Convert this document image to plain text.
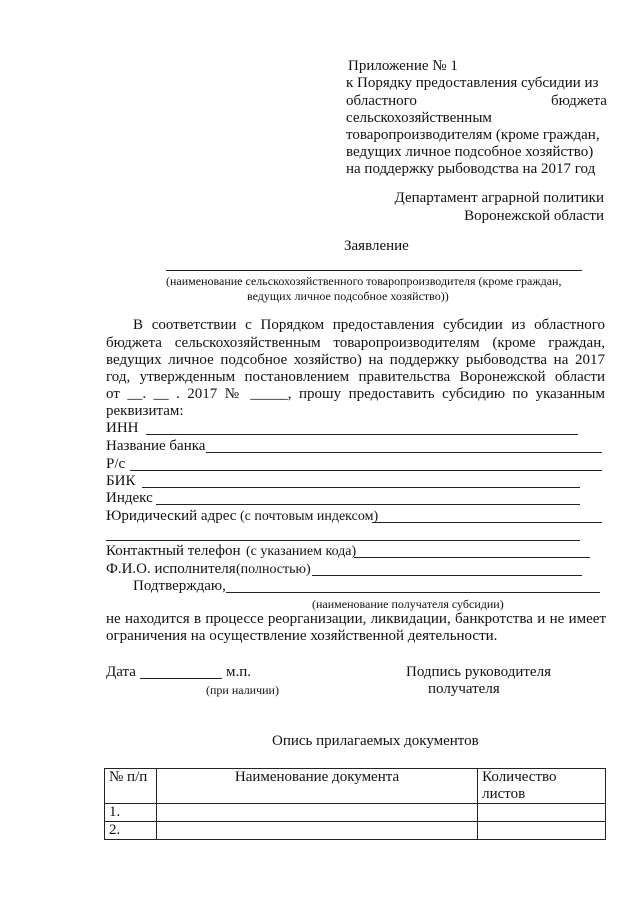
Приложение № 1
к Порядку предоставления субсидии из
областного	бюджета
сельскохозяйственным
товаропроизводителям (кроме граждан,
ведущих личное подсобное хозяйство)
на поддержку рыбоводства на 2017 год
Департамент аграрной политики
Воронежской области
Заявление
(наименование сельскохозяйственного товаропроизводителя (кроме граждан,
ведущих личное подсобное хозяйство))
В соответствии с Порядком предоставления субсидии из областного
бюджета сельскохозяйственным товаропроизводителям (кроме граждан,
ведущих личное подсобное хозяйство) на поддержку рыбоводства на 2017
год, утвержденным постановлением правительства Воронежской области
от __. __ . 2017 № _____, прошу предоставить субсидию по указанным
реквизитам:
ИНН
Название банка
Р/с
БИК
Индекс
Юридический адрес (с почтовым индексом)
Контактный телефон (с указанием кода)
Ф.И.О. исполнителя (полностью)
Подтверждаю,
(наименование получателя субсидии)
не находится в процессе реорганизации, ликвидации, банкротства и не имеет
ограничения на осуществление хозяйственной деятельности.
Дата	м.п.
(при наличии)
Подпись руководителя
получателя
Опись прилагаемых документов
№ п/п	Наименование документа	Количество листов
1.		
2.		
